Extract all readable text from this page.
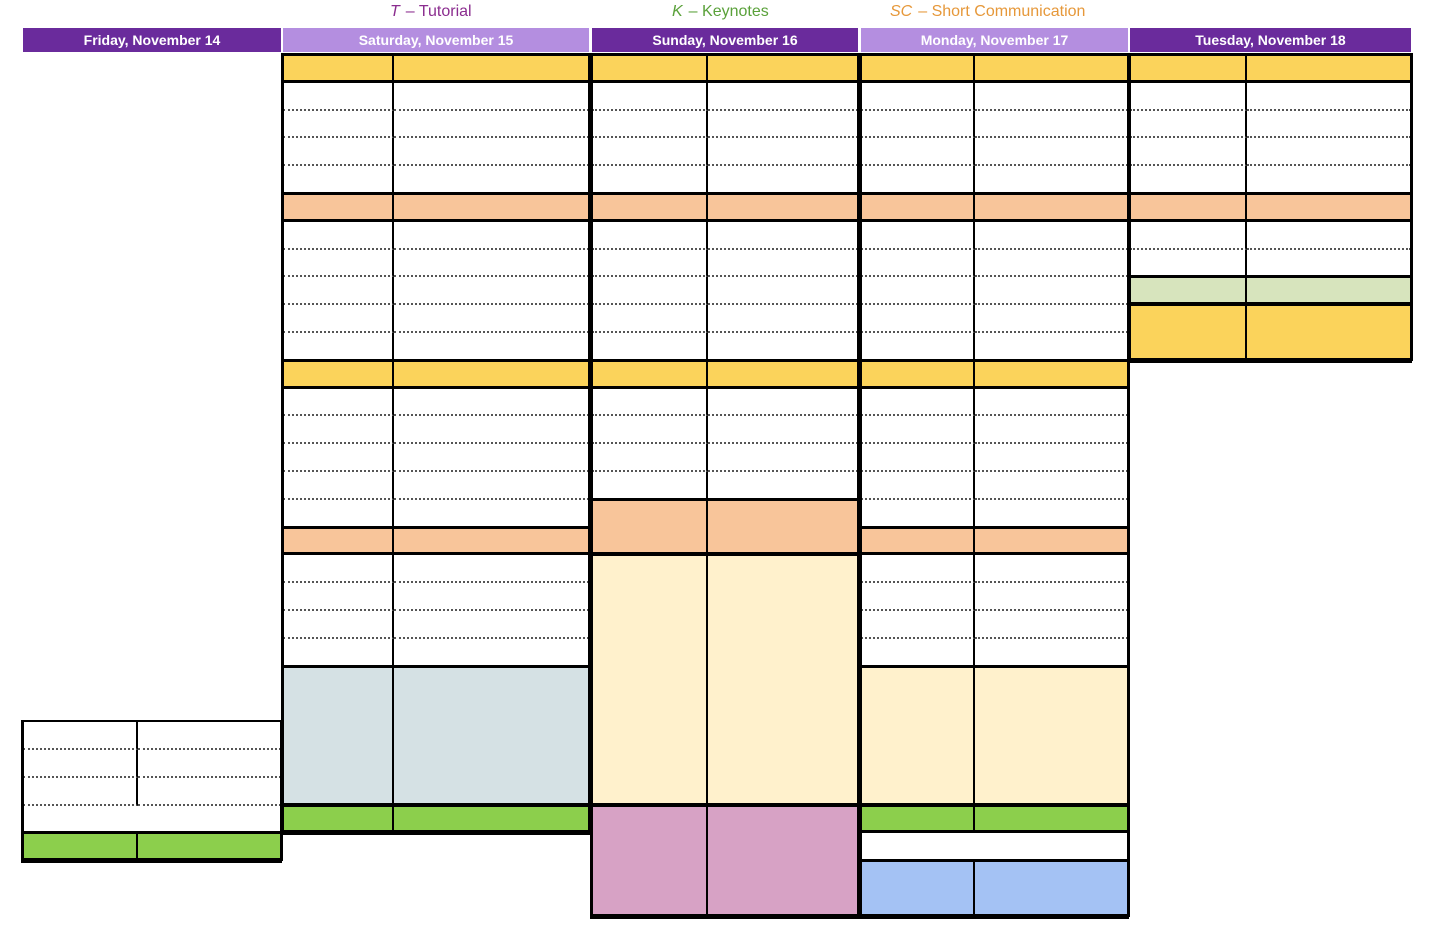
T – Tutorial	K – Keynotes	SC – Short Communication
Friday, November 14	Saturday, November 15	Sunday, November 16	Monday, November 17	Tuesday, November 18
